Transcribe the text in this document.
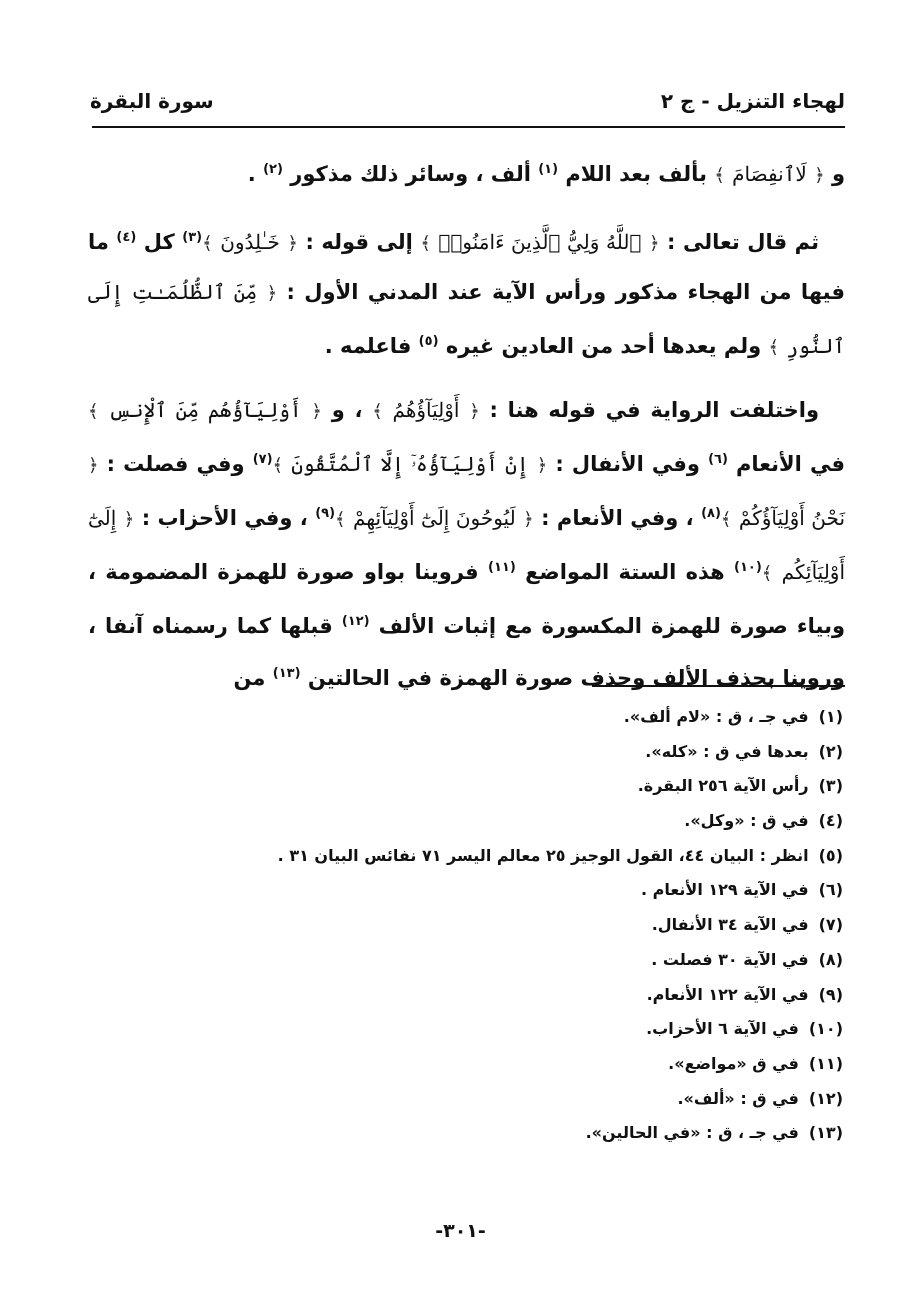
لهجاء التنزيل - ج ٢
سورة البقرة

و ﴿ لَاٱنفِصَامَ ﴾ بألف بعد اللام $^{(١)}$ ألف ، وسائر ذلك مذكور $^{(٢)}$ .

ثم قال تعالى : ﴿ ٱللَّهُ وَلِيُّ ٱلَّذِينَ ءَامَنُوا۟ ﴾ إلى قوله : ﴿ خَـٰلِدُونَ ﴾$^{(٣)}$ كل $^{(٤)}$ ما فيها من الهجاء مذكور ورأس الآية عند المدني الأول : ﴿ مِّنَ ٱلظُّلُمَـٰتِ إِلَى ٱلنُّورِ ﴾ ولم يعدها أحد من العادين غيره $^{(٥)}$ فاعلمه .

واختلفت الرواية في قوله هنا : ﴿ أَوْلِيَآؤُهُمُ ﴾ ، و ﴿ أَوْلِيَآؤُهُم مِّنَ ٱلْإِنسِ ﴾ في الأنعام $^{(٦)}$ وفي الأنفال : ﴿ إِنْ أَوْلِيَآؤُهُۥٓ إِلَّا ٱلْمُتَّقُونَ ﴾$^{(٧)}$ وفي فصلت : ﴿ نَحْنُ أَوْلِيَآؤُكُمْ ﴾$^{(٨)}$ ، وفي الأنعام : ﴿ لَيُوحُونَ إِلَىٰٓ أَوْلِيَآئِهِمْ ﴾$^{(٩)}$ ، وفي الأحزاب : ﴿ إِلَىٰٓ أَوْلِيَآئِكُم ﴾$^{(١٠)}$ هذه الستة المواضع $^{(١١)}$ فروينا بواو صورة للهمزة المضمومة ، وبياء صورة للهمزة المكسورة مع إثبات الألف $^{(١٢)}$ قبلها كما رسمناه آنفا ، وروينا بحذف الألف وحذف صورة الهمزة في الحالتين $^{(١٣)}$ من

(١)في جـ ، ق : «لام ألف».
(٢)بعدها في ق : «كله».
(٣)رأس الآية ٢٥٦ البقرة.
(٤)في ق : «وكل».
(٥)انظر : البيان ٤٤، القول الوجيز ٢٥ معالم اليسر ٧١ نفائس البيان ٣١ .
(٦)في الآية ١٢٩ الأنعام .
(٧)في الآية ٣٤ الأنفال.
(٨)في الآية ٣٠ فصلت .
(٩)في الآية ١٢٢ الأنعام.
(١٠)في الآية ٦ الأحزاب.
(١١)في ق «مواضع».
(١٢)في ق : «ألف».
(١٣)في جـ ، ق : «في الحالين».
-٣٠١-
